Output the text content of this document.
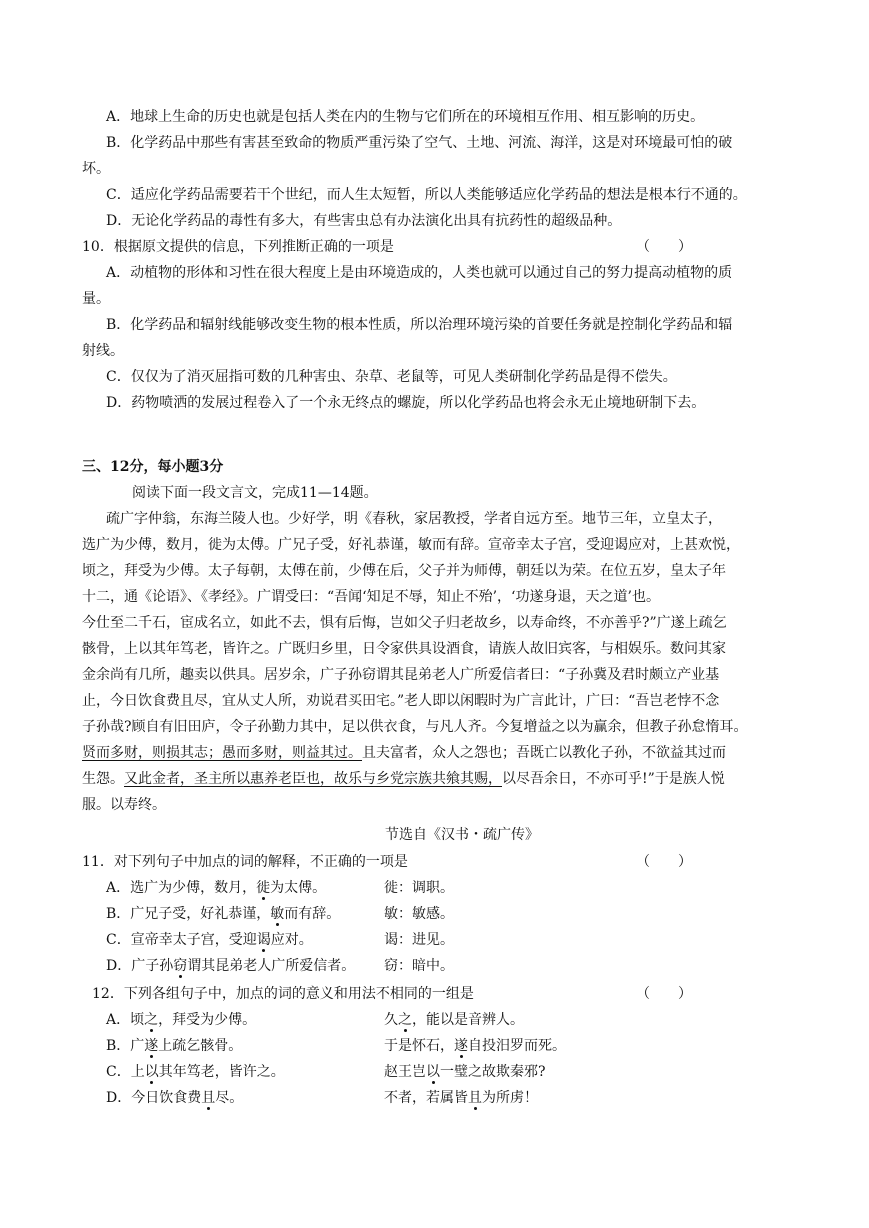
A．地球上生命的历史也就是包括人类在内的生物与它们所在的环境相互作用、相互影响的历史。
B．化学药品中那些有害甚至致命的物质严重污染了空气、土地、河流、海洋，这是对环境最可怕的破
坏。
C．适应化学药品需要若干个世纪，而人生太短暂，所以人类能够适应化学药品的想法是根本行不通的。
D．无论化学药品的毒性有多大，有些害虫总有办法演化出具有抗药性的超级品种。
10．根据原文提供的信息，下列推断正确的一项是	（　　）
A．动植物的形体和习性在很大程度上是由环境造成的，人类也就可以通过自己的努力提高动植物的质
量。
B．化学药品和辐射线能够改变生物的根本性质，所以治理环境污染的首要任务就是控制化学药品和辐
射线。
C．仅仅为了消灭屈指可数的几种害虫、杂草、老鼠等，可见人类研制化学药品是得不偿失。
D．药物喷洒的发展过程卷入了一个永无终点的螺旋，所以化学药品也将会永无止境地研制下去。
三、12分，每小题3分
阅读下面一段文言文，完成11—14题。
疏广字仲翁，东海兰陵人也。少好学，明《春秋，家居教授，学者自远方至。地节三年，立皇太子，
选广为少傅，数月，徙为太傅。广兄子受，好礼恭谨，敏而有辞。宣帝幸太子宫，受迎谒应对，上甚欢悦，
顷之，拜受为少傅。太子每朝，太傅在前，少傅在后，父子并为师傅，朝廷以为荣。在位五岁，皇太子年
十二，通《论语》、《孝经》。广谓受曰：“吾闻‘知足不辱，知止不殆’，‘功遂身退，天之道’也。
今仕至二千石，宦成名立，如此不去，惧有后悔，岂如父子归老故乡，以寿命终，不亦善乎?”广遂上疏乞
骸骨，上以其年笃老，皆许之。广既归乡里，日令家供具设酒食，请族人故旧宾客，与相娱乐。数问其家
金余尚有几所，趣卖以供具。居岁余，广子孙窃谓其昆弟老人广所爱信者曰：“子孙冀及君时颇立产业基
止，今日饮食费且尽，宜从丈人所，劝说君买田宅。”老人即以闲暇时为广言此计，广曰：“吾岂老悖不念
子孙哉?顾自有旧田庐，令子孙勤力其中，足以供衣食，与凡人齐。今复增益之以为赢余，但教子孙怠惰耳。
贤而多财，则损其志；愚而多财，则益其过。且夫富者，众人之怨也；吾既亡以教化子孙，不欲益其过而
生怨。又此金者，圣主所以惠养老臣也，故乐与乡党宗族共飨其赐，以尽吾余日，不亦可乎!”于是族人悦
服。以寿终。
节选自《汉书・疏广传》
11．对下列句子中加点的词的解释，不正确的一项是	（　　）
A．选广为少傅，数月，徙为太傅。	徙：调职。
B．广兄子受，好礼恭谨，敏而有辞。	敏：敏感。
C．宣帝幸太子宫，受迎谒应对。	谒：进见。
D．广子孙窃谓其昆弟老人广所爱信者。 窃：暗中。
12．下列各组句子中，加点的词的意义和用法不相同的一组是	（　　）
A．顷之，拜受为少傅。	久之，能以是音辨人。
B．广遂上疏乞骸骨。	于是怀石，遂自投汨罗而死。
C．上以其年笃老，皆许之。	赵王岂以一璧之故欺秦邪?
D．今日饮食费且尽。	不者，若属皆且为所虏！
